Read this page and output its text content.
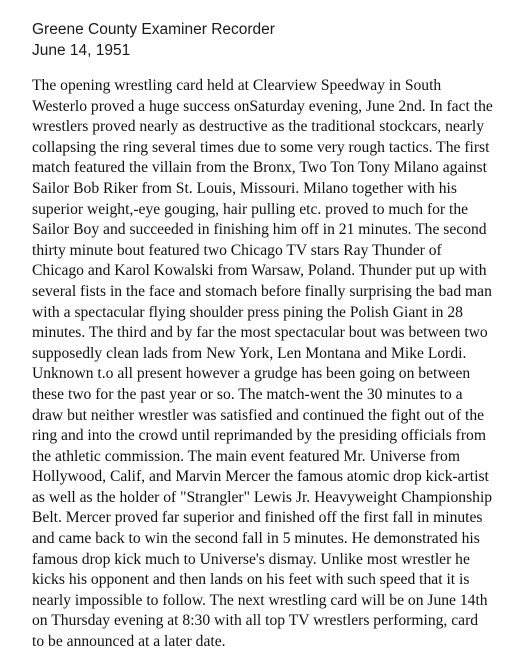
Greene County Examiner Recorder
June 14, 1951
The opening wrestling card held at Clearview Speedway in South
Westerlo proved a huge success onSaturday evening, June 2nd. In fact the
wrestlers proved nearly as destructive as the traditional stockcars, nearly
collapsing the ring several times due to some very rough tactics. The first
match featured the villain from the Bronx, Two Ton Tony Milano against
Sailor Bob Riker from St. Louis, Missouri. Milano together with his
superior weight,-eye gouging, hair pulling etc. proved to much for the
Sailor Boy and succeeded in finishing him off in 21 minutes. The second
thirty minute bout featured two Chicago TV stars Ray Thunder of
Chicago and Karol Kowalski from Warsaw, Poland. Thunder put up with
several fists in the face and stomach before finally surprising the bad man
with a spectacular flying shoulder press pining the Polish Giant in 28
minutes. The third and by far the most spectacular bout was between two
supposedly clean lads from New York, Len Montana and Mike Lordi.
Unknown t.o all present however a grudge has been going on between
these two for the past year or so. The match-went the 30 minutes to a
draw but neither wrestler was satisfied and continued the fight out of the
ring and into the crowd until reprimanded by the presiding officials from
the athletic commission. The main event featured Mr. Universe from
Hollywood, Calif, and Marvin Mercer the famous atomic drop kick-artist
as well as the holder of "Strangler" Lewis Jr. Heavyweight Championship
Belt. Mercer proved far superior and finished off the first fall in minutes
and came back to win the second fall in 5 minutes. He demonstrated his
famous drop kick much to Universe's dismay. Unlike most wrestler he
kicks his opponent and then lands on his feet with such speed that it is
nearly impossible to follow. The next wrestling card will be on June 14th
on Thursday evening at 8:30 with all top TV wrestlers performing, card
to be announced at a later date.
